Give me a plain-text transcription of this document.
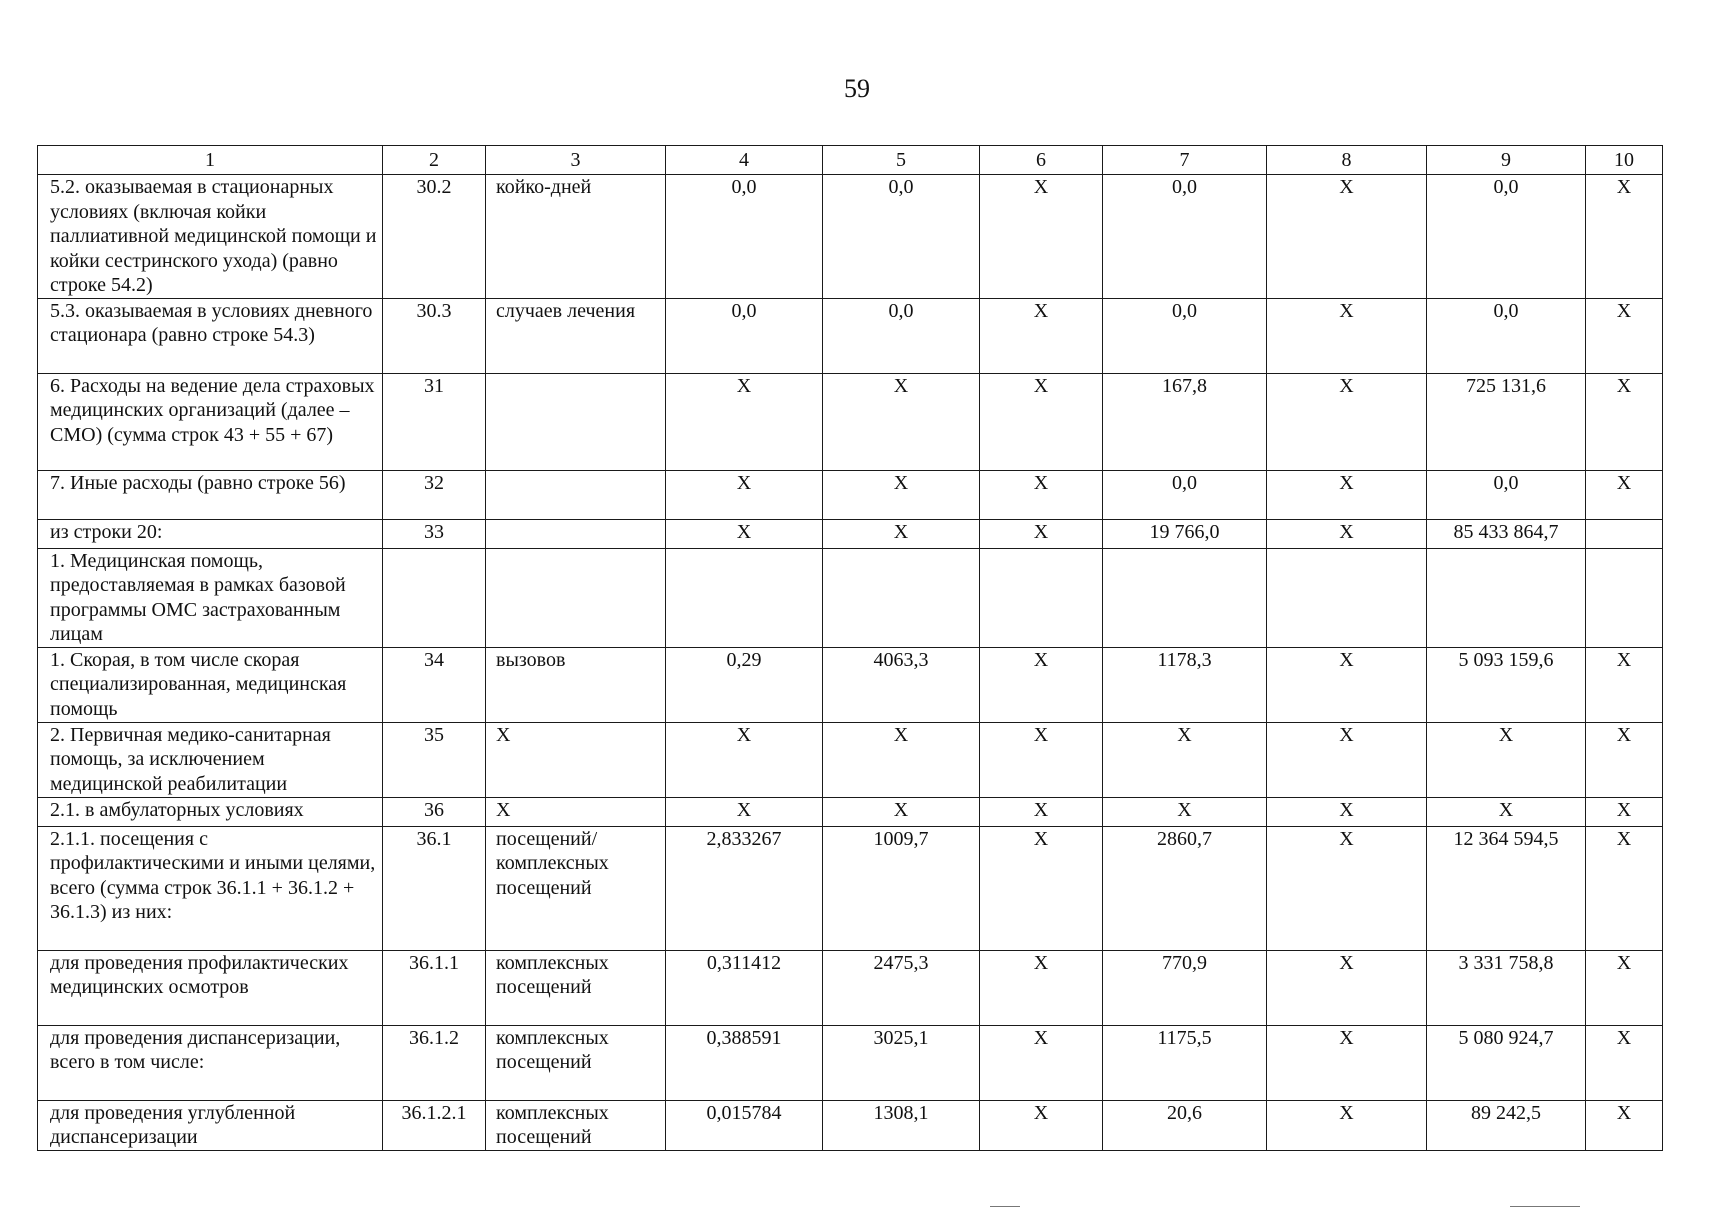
59
1	2	3	4	5	6	7	8	9	10
5.2. оказываемая в стационарных условиях (включая койки паллиативной медицинской помощи и койки сестринского ухода) (равно строке 54.2)	30.2	койко-дней	0,0	0,0	Х	0,0	Х	0,0	Х
5.3. оказываемая в условиях дневного стационара (равно строке 54.3)	30.3	случаев лечения	0,0	0,0	Х	0,0	Х	0,0	Х
6. Расходы на ведение дела страховых медицинских организаций (далее – СМО) (сумма строк 43 + 55 + 67)	31		Х	Х	Х	167,8	Х	725 131,6	Х
7. Иные расходы (равно строке 56)	32		Х	Х	Х	0,0	Х	0,0	Х
из строки 20:	33		Х	Х	Х	19 766,0	Х	85 433 864,7	
1. Медицинская помощь, предоставляемая в рамках базовой программы ОМС застрахованным лицам									
1. Скорая, в том числе скорая специализированная, медицинская помощь	34	вызовов	0,29	4063,3	Х	1178,3	Х	5 093 159,6	Х
2. Первичная медико-санитарная помощь, за исключением медицинской реабилитации	35	Х	Х	Х	Х	Х	Х	Х	Х
2.1. в амбулаторных условиях	36	Х	Х	Х	Х	Х	Х	Х	Х
2.1.1. посещения с профилактическими и иными целями, всего (сумма строк 36.1.1 + 36.1.2 + 36.1.3) из них:	36.1	посещений/ комплексных посещений	2,833267	1009,7	Х	2860,7	Х	12 364 594,5	Х
для проведения профилактических медицинских осмотров	36.1.1	комплексных посещений	0,311412	2475,3	Х	770,9	Х	3 331 758,8	Х
для проведения диспансеризации, всего в том числе:	36.1.2	комплексных посещений	0,388591	3025,1	Х	1175,5	Х	5 080 924,7	Х
для проведения углубленной диспансеризации	36.1.2.1	комплексных посещений	0,015784	1308,1	Х	20,6	Х	89 242,5	Х
